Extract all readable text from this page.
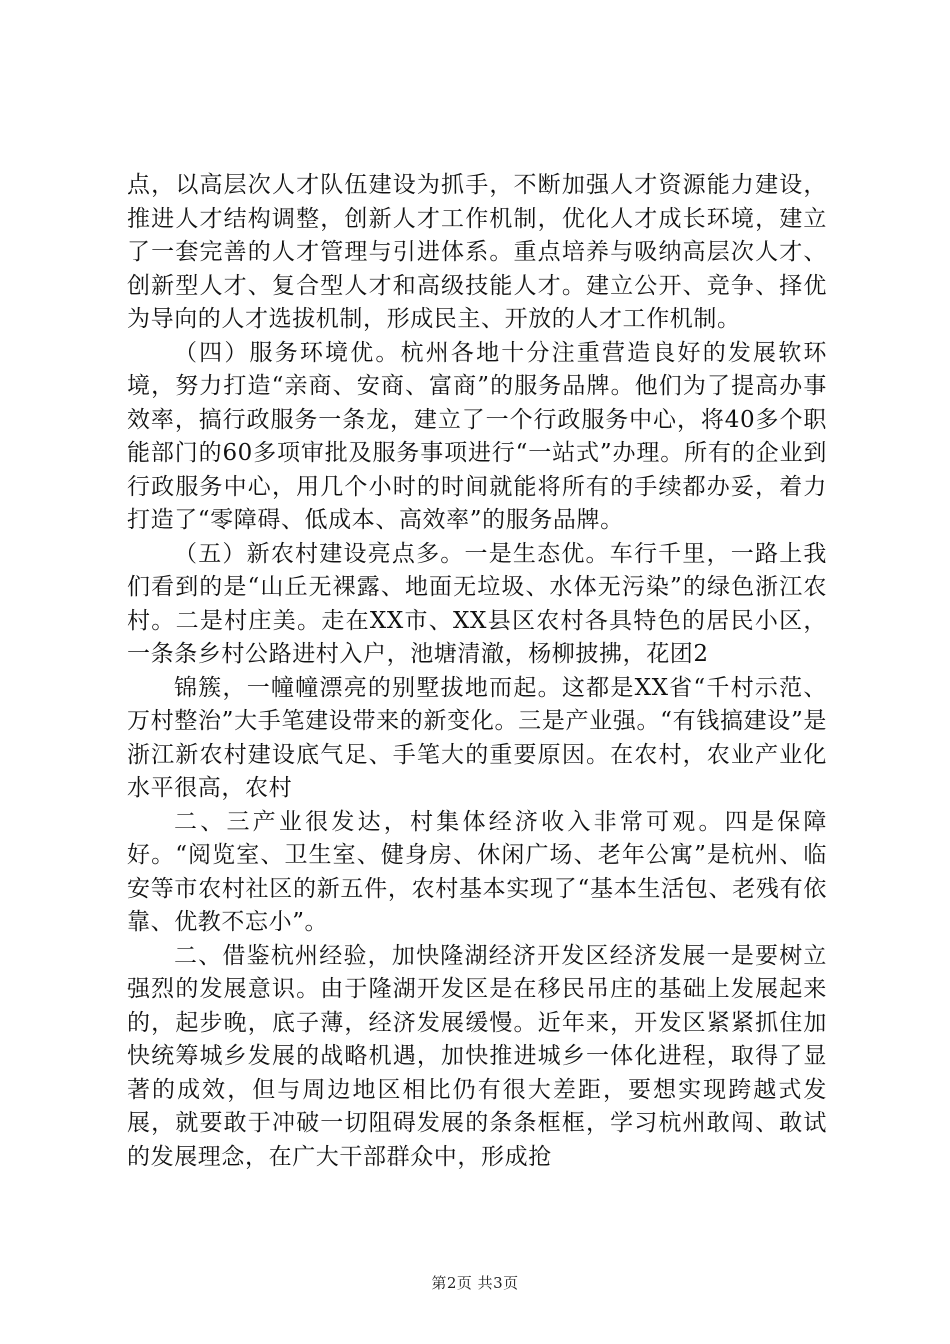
点，以高层次人才队伍建设为抓手，不断加强人才资源能力建设，推进人才结构调整，创新人才工作机制，优化人才成长环境，建立了一套完善的人才管理与引进体系。重点培养与吸纳高层次人才、创新型人才、复合型人才和高级技能人才。建立公开、竞争、择优为导向的人才选拔机制，形成民主、开放的人才工作机制。

（四）服务环境优。杭州各地十分注重营造良好的发展软环境，努力打造“亲商、安商、富商”的服务品牌。他们为了提高办事效率，搞行政服务一条龙，建立了一个行政服务中心，将40多个职能部门的60多项审批及服务事项进行“一站式”办理。所有的企业到行政服务中心，用几个小时的时间就能将所有的手续都办妥，着力打造了“零障碍、低成本、高效率”的服务品牌。

（五）新农村建设亮点多。一是生态优。车行千里，一路上我们看到的是“山丘无裸露、地面无垃圾、水体无污染”的绿色浙江农村。二是村庄美。走在XX市、XX县区农村各具特色的居民小区，一条条乡村公路进村入户，池塘清澈，杨柳披拂，花团2

锦簇，一幢幢漂亮的别墅拔地而起。这都是XX省“千村示范、万村整治”大手笔建设带来的新变化。三是产业强。“有钱搞建设”是浙江新农村建设底气足、手笔大的重要原因。在农村，农业产业化水平很高，农村

二、三产业很发达，村集体经济收入非常可观。四是保障好。“阅览室、卫生室、健身房、休闲广场、老年公寓”是杭州、临安等市农村社区的新五件，农村基本实现了“基本生活包、老残有依靠、优教不忘小”。

二、借鉴杭州经验，加快隆湖经济开发区经济发展一是要树立强烈的发展意识。由于隆湖开发区是在移民吊庄的基础上发展起来的，起步晚，底子薄，经济发展缓慢。近年来，开发区紧紧抓住加快统筹城乡发展的战略机遇，加快推进城乡一体化进程，取得了显著的成效，但与周边地区相比仍有很大差距，要想实现跨越式发展，就要敢于冲破一切阻碍发展的条条框框，学习杭州敢闯、敢试的发展理念，在广大干部群众中，形成抢

第2页 共3页
